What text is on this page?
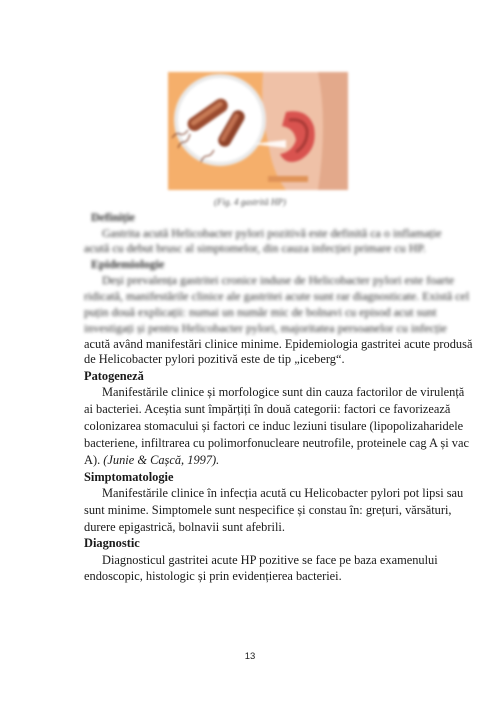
(Fig. 4 gastrită HP)
Definiție
Gastrita acută Helicobacter pylori pozitivă este definită ca o inflamație
acută cu debut brusc al simptomelor, din cauza infecției primare cu HP.
Epidemiologie
Deși prevalența gastritei cronice induse de Helicobacter pylori este foarte
ridicată, manifestările clinice ale gastritei acute sunt rar diagnosticate. Există cel
puțin două explicații: numai un număr mic de bolnavi cu episod acut sunt
investigați și pentru Helicobacter pylori, majoritatea persoanelor cu infecție
acută având manifestări clinice minime. Epidemiologia gastritei acute produsă
de Helicobacter pylori pozitivă este de tip „iceberg“.
Patogeneză
Manifestările clinice și morfologice sunt din cauza factorilor de virulență
ai bacteriei. Aceștia sunt împărțiți în două categorii: factori ce favorizează
colonizarea stomacului și factori ce induc leziuni tisulare (lipopolizaharidele
bacteriene, infiltrarea cu polimorfonucleare neutrofile, proteinele cag A și vac
A). (Junie & Cașcă, 1997).
Simptomatologie
Manifestările clinice în infecția acută cu Helicobacter pylori pot lipsi sau
sunt minime. Simptomele sunt nespecifice și constau în: grețuri, vărsături,
durere epigastrică, bolnavii sunt afebrili.
Diagnostic
Diagnosticul gastritei acute HP pozitive se face pe baza examenului
endoscopic, histologic și prin evidențierea bacteriei.
13
